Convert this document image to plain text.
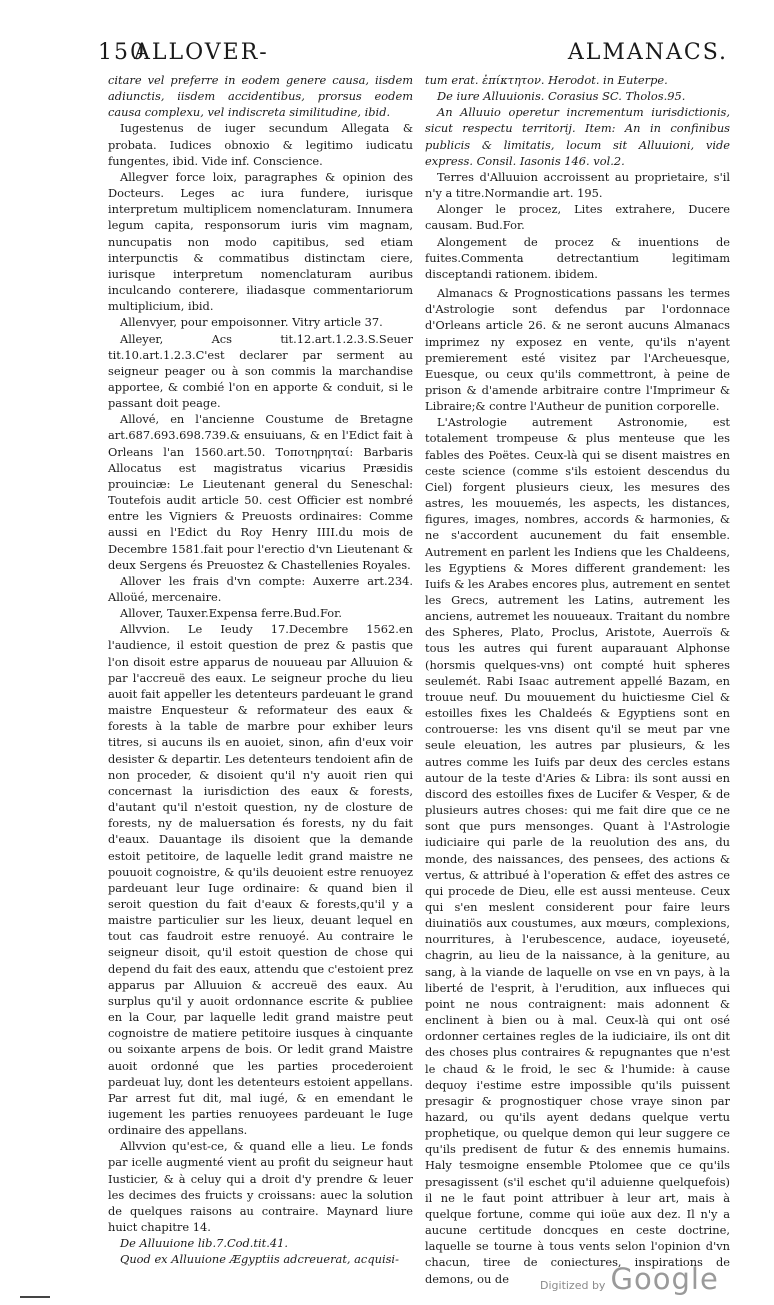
150
ALLOVER-	ALMANACS.

citare vel preferre in eodem genere causa, iisdem adiunctis, iisdem accidentibus, prorsus eodem causa complexu, vel indiscreta similitudine, ibid.

Iugestenus de iuger secundum Allegata & probata. Iudices obnoxio & legitimo iudicatu fungentes, ibid. Vide inf. Conscience.

Allegver force loix, paragraphes & opinion des Docteurs. Leges ac iura fundere, iurisque interpretum multiplicem nomenclaturam. Innumera legum capita, responsorum iuris vim magnam, nuncupatis non modo capitibus, sed etiam interpunctis & commatibus distinctam ciere, iurisque interpretum nomenclaturam auribus inculcando conterere, iliadasque commentariorum multiplicium, ibid.

Allenvyer, pour empoisonner. Vitry article 37.

Alleyer, Acs tit.12.art.1.2.3.S.Seuer tit.10.art.1.2.3.C'est declarer par serment au seigneur peager ou à son commis la marchandise apportee, & combié l'on en apporte & conduit, si le passant doit peage.

Allové, en l'ancienne Coustume de Bretagne art.687.693.698.739.& ensuiuans, & en l'Edict fait à Orleans l'an 1560.art.50. Τοποτηρηταί: Barbaris Allocatus est magistratus vicarius Præsidis prouinciæ: Le Lieutenant general du Seneschal: Toutefois audit article 50. cest Officier est nombré entre les Vigniers & Preuosts ordinaires: Comme aussi en l'Edict du Roy Henry IIII.du mois de Decembre 1581.fait pour l'erectio d'vn Lieutenant & deux Sergens és Preuostez & Chastellenies Royales.

Allover les frais d'vn compte: Auxerre art.234. Alloüé, mercenaire.

Allover, Tauxer.Expensa ferre.Bud.For.

Allvvion. Le Ieudy 17.Decembre 1562.en l'audience, il estoit question de prez & pastis que l'on disoit estre apparus de nouueau par Alluuion & par l'accreuë des eaux. Le seigneur proche du lieu auoit fait appeller les detenteurs pardeuant le grand maistre Enquesteur & reformateur des eaux & forests à la table de marbre pour exhiber leurs titres, si aucuns ils en auoiet, sinon, afin d'eux voir desister & departir. Les detenteurs tendoient afin de non proceder, & disoient qu'il n'y auoit rien qui concernast la iurisdiction des eaux & forests, d'autant qu'il n'estoit question, ny de closture de forests, ny de maluersation és forests, ny du fait d'eaux. Dauantage ils disoient que la demande estoit petitoire, de laquelle ledit grand maistre ne pouuoit cognoistre, & qu'ils deuoient estre renuoyez pardeuant leur Iuge ordinaire: & quand bien il seroit question du fait d'eaux & forests,qu'il y a maistre particulier sur les lieux, deuant lequel en tout cas faudroit estre renuoyé. Au contraire le seigneur disoit, qu'il estoit question de chose qui depend du fait des eaux, attendu que c'estoient prez apparus par Alluuion & accreuë des eaux. Au surplus qu'il y auoit ordonnance escrite & publiee en la Cour, par laquelle ledit grand maistre peut cognoistre de matiere petitoire iusques à cinquante ou soixante arpens de bois. Or ledit grand Maistre auoit ordonné que les parties procederoient pardeuat luy, dont les detenteurs estoient appellans. Par arrest fut dit, mal iugé, & en emendant le iugement les parties renuoyees pardeuant le Iuge ordinaire des appellans.

Allvvion qu'est-ce, & quand elle a lieu. Le fonds par icelle augmenté vient au profit du seigneur haut Iusticier, & à celuy qui a droit d'y prendre & leuer les decimes des fruicts y croissans: auec la solution de quelques raisons au contraire. Maynard liure huict chapitre 14.

De Alluuione lib.7.Cod.tit.41.

Quod ex Alluuione Ægyptiis adcreuerat, acquisi-

tum erat. ἐπίκτητον. Herodot. in Euterpe.

De iure Alluuionis. Corasius SC. Tholos.95.

An Alluuio operetur incrementum iurisdictionis, sicut respectu territorij. Item: An in confinibus publicis & limitatis, locum sit Alluuioni, vide express. Consil. Iasonis 146. vol.2.

Terres d'Alluuion accroissent au proprietaire, s'il n'y a titre.Normandie art. 195.

Alonger le procez, Lites extrahere, Ducere causam. Bud.For.

Alongement de procez & inuentions de fuites.Commenta detrectantium legitimam disceptandi rationem. ibidem.

Almanacs & Prognostications passans les termes d'Astrologie sont defendus par l'ordonnace d'Orleans article 26. & ne seront aucuns Almanacs imprimez ny exposez en vente, qu'ils n'ayent premierement esté visitez par l'Archeuesque, Euesque, ou ceux qu'ils commettront, à peine de prison & d'amende arbitraire contre l'Imprimeur & Libraire;& contre l'Autheur de punition corporelle.

L'Astrologie autrement Astronomie, est totalement trompeuse & plus menteuse que les fables des Poëtes. Ceux-là qui se disent maistres en ceste science (comme s'ils estoient descendus du Ciel) forgent plusieurs cieux, les mesures des astres, les mouuemés, les aspects, les distances, figures, images, nombres, accords & harmonies, & ne s'accordent aucunement du fait ensemble. Autrement en parlent les Indiens que les Chaldeens, les Egyptiens & Mores different grandement: les Iuifs & les Arabes encores plus, autrement en sentet les Grecs, autrement les Latins, autrement les anciens, autremet les nouueaux. Traitant du nombre des Spheres, Plato, Proclus, Aristote, Auerroïs & tous les autres qui furent auparauant Alphonse (horsmis quelques-vns) ont compté huit spheres seulemét. Rabi Isaac autrement appellé Bazam, en trouue neuf. Du mouuement du huictiesme Ciel & estoilles fixes les Chaldeés & Egyptiens sont en controuerse: les vns disent qu'il se meut par vne seule eleuation, les autres par plusieurs, & les autres comme les Iuifs par deux des cercles estans autour de la teste d'Aries & Libra: ils sont aussi en discord des estoilles fixes de Lucifer & Vesper, & de plusieurs autres choses: qui me fait dire que ce ne sont que purs mensonges. Quant à l'Astrologie iudiciaire qui parle de la reuolution des ans, du monde, des naissances, des pensees, des actions & vertus, & attribué à l'operation & effet des astres ce qui procede de Dieu, elle est aussi menteuse. Ceux qui s'en meslent considerent pour faire leurs diuinatiös aux coustumes, aux mœurs, complexions, nourritures, à l'erubescence, audace, ioyeuseté, chagrin, au lieu de la naissance, à la geniture, au sang, à la viande de laquelle on vse en vn pays, à la liberté de l'esprit, à l'erudition, aux influeces qui point ne nous contraignent: mais adonnent & enclinent à bien ou à mal. Ceux-là qui ont osé ordonner certaines regles de la iudiciaire, ils ont dit des choses plus contraires & repugnantes que n'est le chaud & le froid, le sec & l'humide: à cause dequoy i'estime estre impossible qu'ils puissent presagir & prognostiquer chose vraye sinon par hazard, ou qu'ils ayent dedans quelque vertu prophetique, ou quelque demon qui leur suggere ce qu'ils predisent de futur & des ennemis humains. Haly tesmoigne ensemble Ptolomee que ce qu'ils presagissent (s'il eschet qu'il aduienne quelquefois) il ne le faut point attribuer à leur art, mais à quelque fortune, comme qui ioüe aux dez. Il n'y a aucune certitude doncques en ceste doctrine, laquelle se tourne à tous vents selon l'opinion d'vn chacun, tiree de coniectures, inspirations de demons, ou de	Digitized by Google
